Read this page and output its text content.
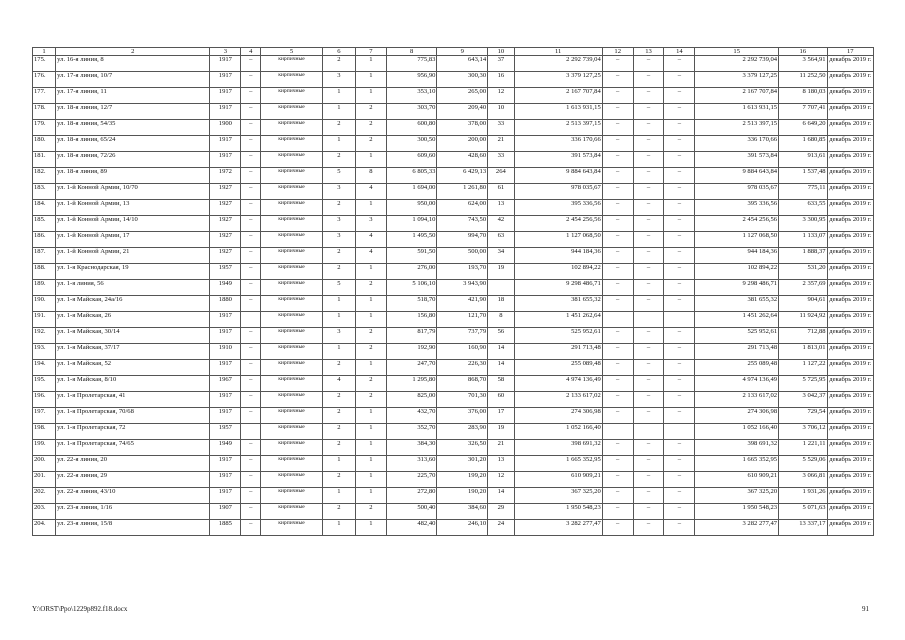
1	2	3	4	5	6	7	8	9	10	11	12	13	14	15	16	17
175.	ул. 16-я линия, 8	1917	–	кирпичные	2	1	775,83	643,14	37	2 292 739,04	–	–	–	2 292 739,04	3 564,91	декабрь 2019 г.
176.	ул. 17-я линия, 10/7	1917	–	кирпичные	3	1	956,90	300,30	16	3 379 127,25	–	–	–	3 379 127,25	11 252,50	декабрь 2019 г.
177.	ул. 17-я линия, 11	1917	–	кирпичные	1	1	353,10	265,00	12	2 167 707,84	–	–	–	2 167 707,84	8 180,03	декабрь 2019 г.
178.	ул. 18-я линия, 12/7	1917	–	кирпичные	1	2	303,70	209,40	10	1 613 931,15	–	–	–	1 613 931,15	7 707,41	декабрь 2019 г.
179.	ул. 18-я линия, 54/35	1900	–	кирпичные	2	2	600,80	378,00	33	2 513 397,15	–	–	–	2 513 397,15	6 649,20	декабрь 2019 г.
180.	ул. 18-я линия, 65/24	1917	–	кирпичные	1	2	300,50	200,00	21	336 170,66	–	–	–	336 170,66	1 680,85	декабрь 2019 г.
181.	ул. 18-я линия, 72/26	1917	–	кирпичные	2	1	609,60	428,60	33	391 573,84	–	–	–	391 573,84	913,61	декабрь 2019 г.
182.	ул. 18-я линия, 89	1972	–	кирпичные	5	8	6 805,33	6 429,13	264	9 884 643,84	–	–	–	9 884 643,84	1 537,48	декабрь 2019 г.
183.	ул. 1-й Конной Армии, 10/70	1927	–	кирпичные	3	4	1 694,00	1 261,80	61	978 035,67	–	–	–	978 035,67	775,11	декабрь 2019 г.
184.	ул. 1-й Конной Армии, 13	1927	–	кирпичные	2	1	950,00	624,00	13	395 336,56	–	–	–	395 336,56	633,55	декабрь 2019 г.
185.	ул. 1-й Конной Армии, 14/10	1927	–	кирпичные	3	3	1 094,10	743,50	42	2 454 256,56	–	–	–	2 454 256,56	3 300,95	декабрь 2019 г.
186.	ул. 1-й Конной Армии, 17	1927	–	кирпичные	3	4	1 495,50	994,70	63	1 127 068,50	–	–	–	1 127 068,50	1 133,07	декабрь 2019 г.
187.	ул. 1-й Конной Армии, 21	1927	–	кирпичные	2	4	591,50	500,00	34	944 184,36	–	–	–	944 184,36	1 888,37	декабрь 2019 г.
188.	ул. 1-я Краснодарская, 19	1957	–	кирпичные	2	1	276,00	193,70	19	102 894,22	–	–	–	102 894,22	531,20	декабрь 2019 г.
189.	ул. 1-я линия, 56	1949	–	кирпичные	5	2	5 106,10	3 943,90		9 298 486,71	–	–	–	9 298 486,71	2 357,69	декабрь 2019 г.
190.	ул. 1-я Майская, 24а/16	1880	–	кирпичные	1	1	518,70	421,90	18	381 655,32	–	–	–	381 655,32	904,61	декабрь 2019 г.
191.	ул. 1-я Майская, 26	1917		кирпичные	1	1	156,80	121,70	8	1 451 262,64				1 451 262,64	11 924,92	декабрь 2019 г.
192.	ул. 1-я Майская, 30/14	1917	–	кирпичные	3	2	817,79	737,79	56	525 952,61	–	–	–	525 952,61	712,88	декабрь 2019 г.
193.	ул. 1-я Майская, 37/17	1910	–	кирпичные	1	2	192,90	160,90	14	291 713,48	–	–	–	291 713,48	1 813,01	декабрь 2019 г.
194.	ул. 1-я Майская, 52	1917	–	кирпичные	2	1	247,70	226,30	14	255 089,48	–	–	–	255 089,48	1 127,22	декабрь 2019 г.
195.	ул. 1-я Майская, 8/10	1967	–	кирпичные	4	2	1 295,80	868,70	58	4 974 136,49	–	–	–	4 974 136,49	5 725,95	декабрь 2019 г.
196.	ул. 1-я Пролетарская, 41	1917	–	кирпичные	2	2	825,00	701,30	60	2 133 617,02	–	–	–	2 133 617,02	3 042,37	декабрь 2019 г.
197.	ул. 1-я Пролетарская, 70/68	1917	–	кирпичные	2	1	432,70	376,00	17	274 306,98	–	–	–	274 306,98	729,54	декабрь 2019 г.
198.	ул. 1-я Пролетарская, 72	1957		кирпичные	2	1	352,70	283,90	19	1 052 166,40				1 052 166,40	3 706,12	декабрь 2019 г.
199.	ул. 1-я Пролетарская, 74/65	1949	–	кирпичные	2	1	384,30	326,50	21	398 691,32	–	–	–	398 691,32	1 221,11	декабрь 2019 г.
200.	ул. 22-я линия, 20	1917	–	кирпичные	1	1	313,60	301,20	13	1 665 352,95	–	–	–	1 665 352,95	5 529,06	декабрь 2019 г.
201.	ул. 22-я линия, 29	1917	–	кирпичные	2	1	225,70	199,20	12	610 909,21	–	–	–	610 909,21	3 066,81	декабрь 2019 г.
202.	ул. 22-я линия, 43/10	1917	–	кирпичные	1	1	272,80	190,20	14	367 325,20	–	–	–	367 325,20	1 931,26	декабрь 2019 г.
203.	ул. 23-я линия, 1/16	1907	–	кирпичные	2	2	500,40	384,60	29	1 950 548,23	–	–	–	1 950 548,23	5 071,63	декабрь 2019 г.
204.	ул. 23-я линия, 15/8	1885	–	кирпичные	1	1	482,40	246,10	24	3 282 277,47	–	–	–	3 282 277,47	13 337,17	декабрь 2019 г.
Y:\ORST\Ppo\1229p892.f18.docx	91
